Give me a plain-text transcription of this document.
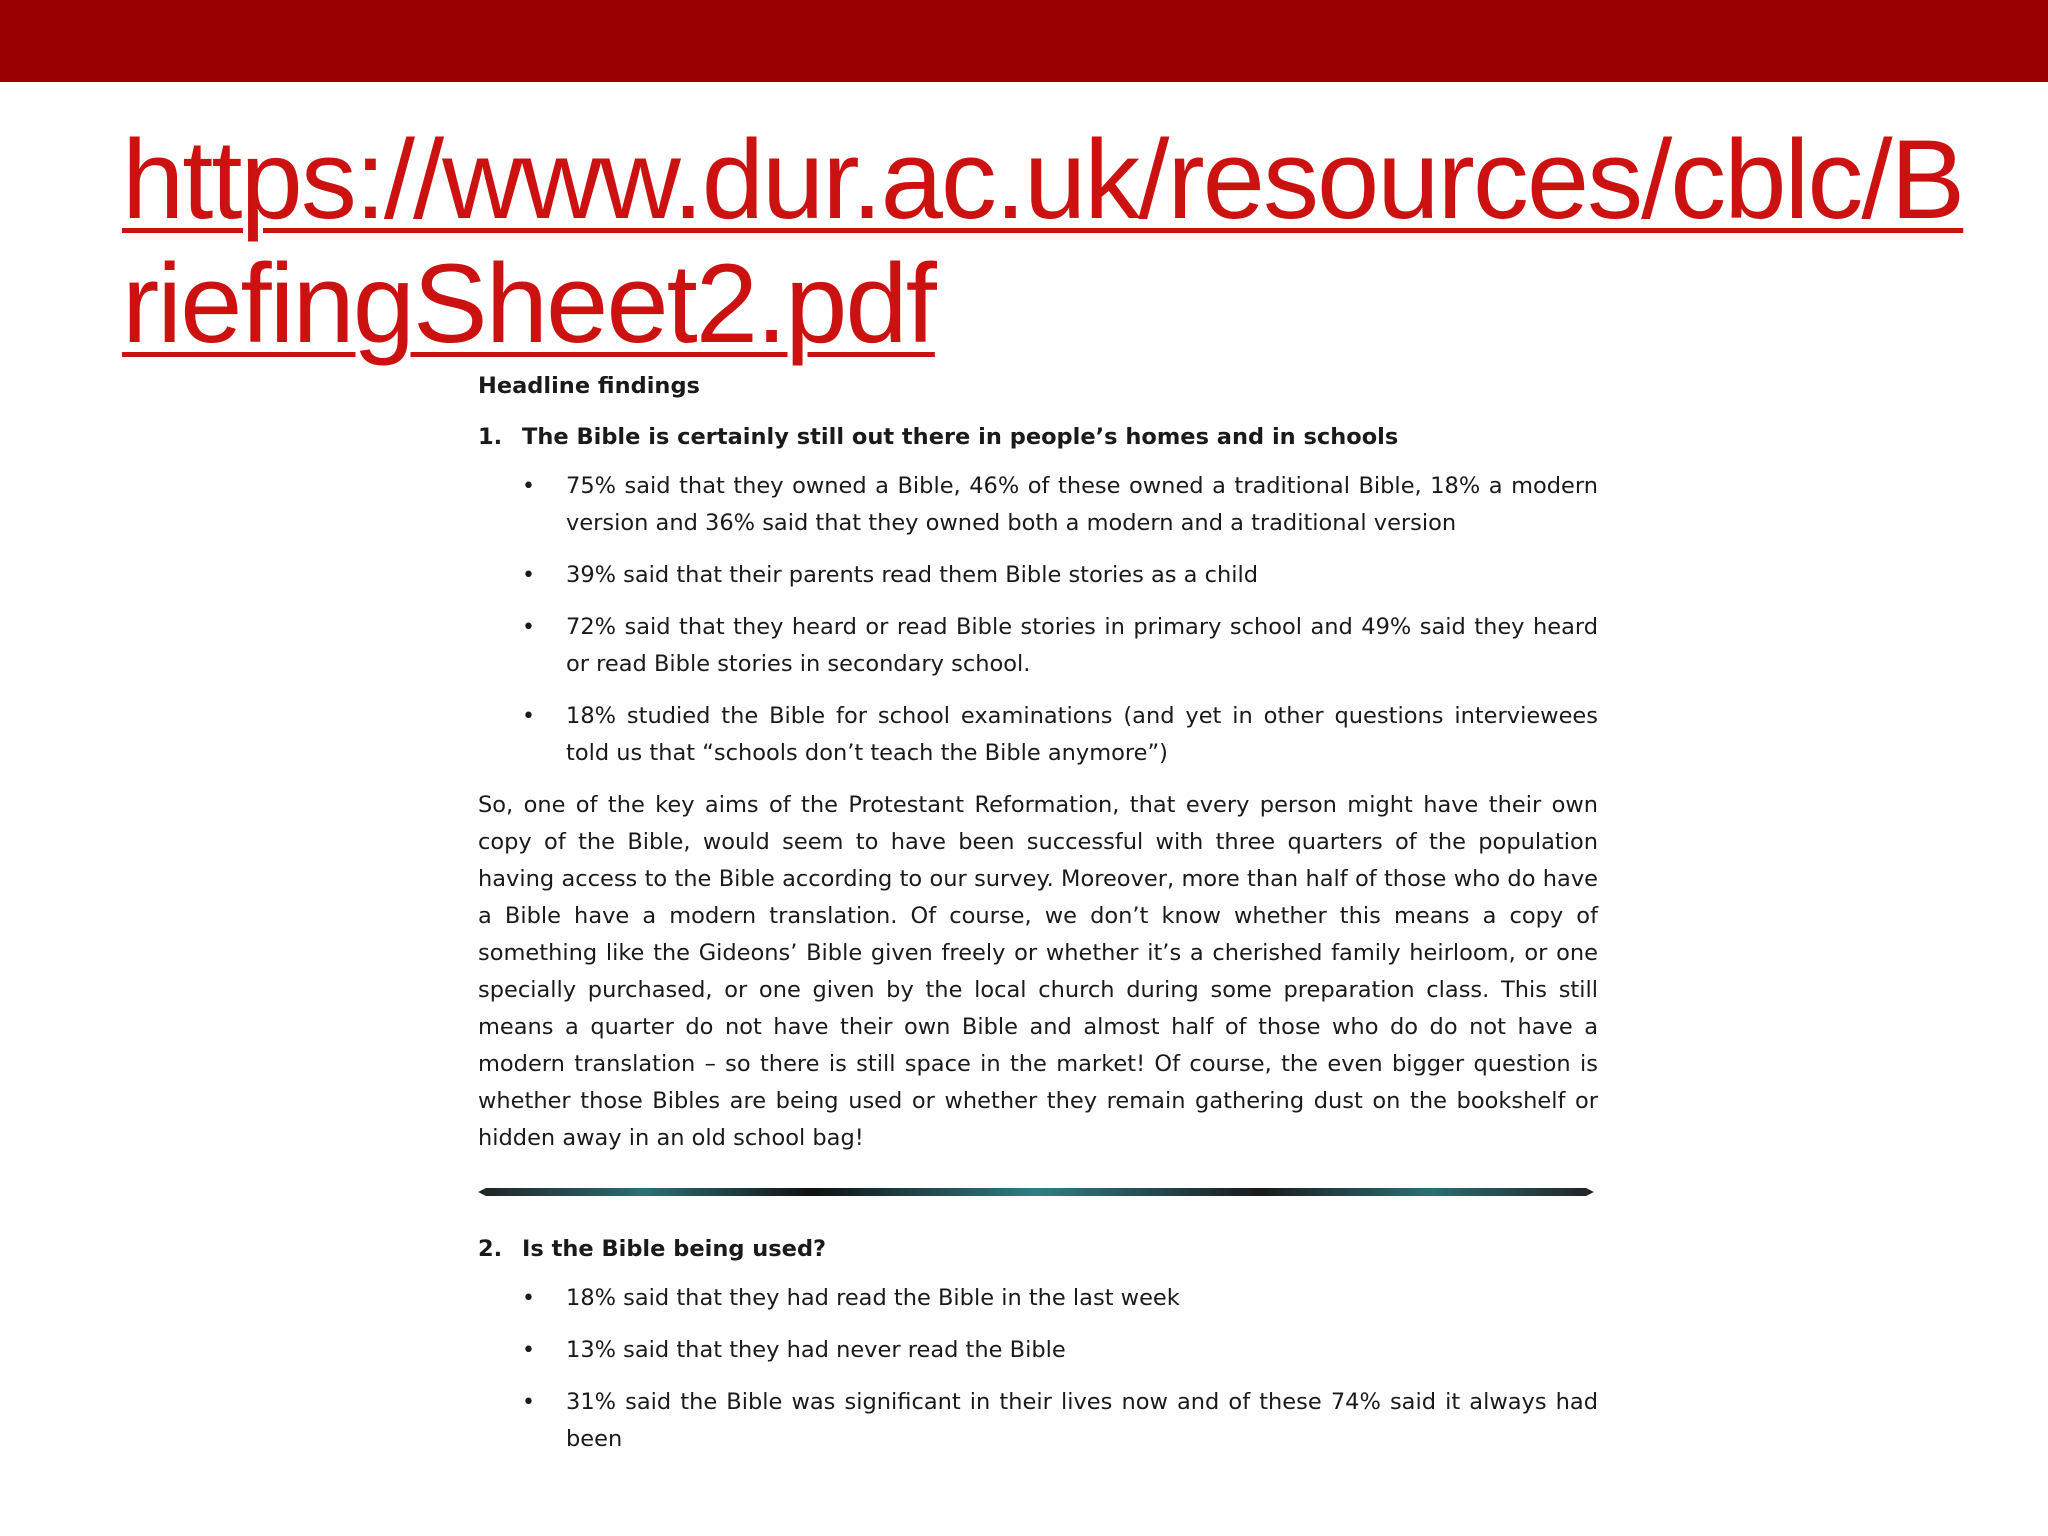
https://www.dur.ac.uk/resources/cblc/BriefingSheet2.pdf
Headline findings
1. The Bible is certainly still out there in people’s homes and in schools
•	75% said that they owned a Bible, 46% of these owned a traditional Bible, 18% a modern version and 36% said that they owned both a modern and a traditional version
•	39% said that their parents read them Bible stories as a child
•	72% said that they heard or read Bible stories in primary school and 49% said they heard or read Bible stories in secondary school.
•	18% studied the Bible for school examinations (and yet in other questions interviewees told us that “schools don’t teach the Bible anymore”)

So, one of the key aims of the Protestant Reformation, that every person might have their own copy of the Bible, would seem to have been successful with three quarters of the population having access to the Bible according to our survey. Moreover, more than half of those who do have a Bible have a modern translation. Of course, we don’t know whether this means a copy of something like the Gideons’ Bible given freely or whether it’s a cherished family heirloom, or one specially purchased, or one given by the local church during some preparation class. This still means a quarter do not have their own Bible and almost half of those who do do not have a modern translation – so there is still space in the market! Of course, the even bigger question is whether those Bibles are being used or whether they remain gathering dust on the bookshelf or hidden away in an old school bag!

2. Is the Bible being used?
•	18% said that they had read the Bible in the last week
•	13% said that they had never read the Bible
•	31% said the Bible was significant in their lives now and of these 74% said it always had been
